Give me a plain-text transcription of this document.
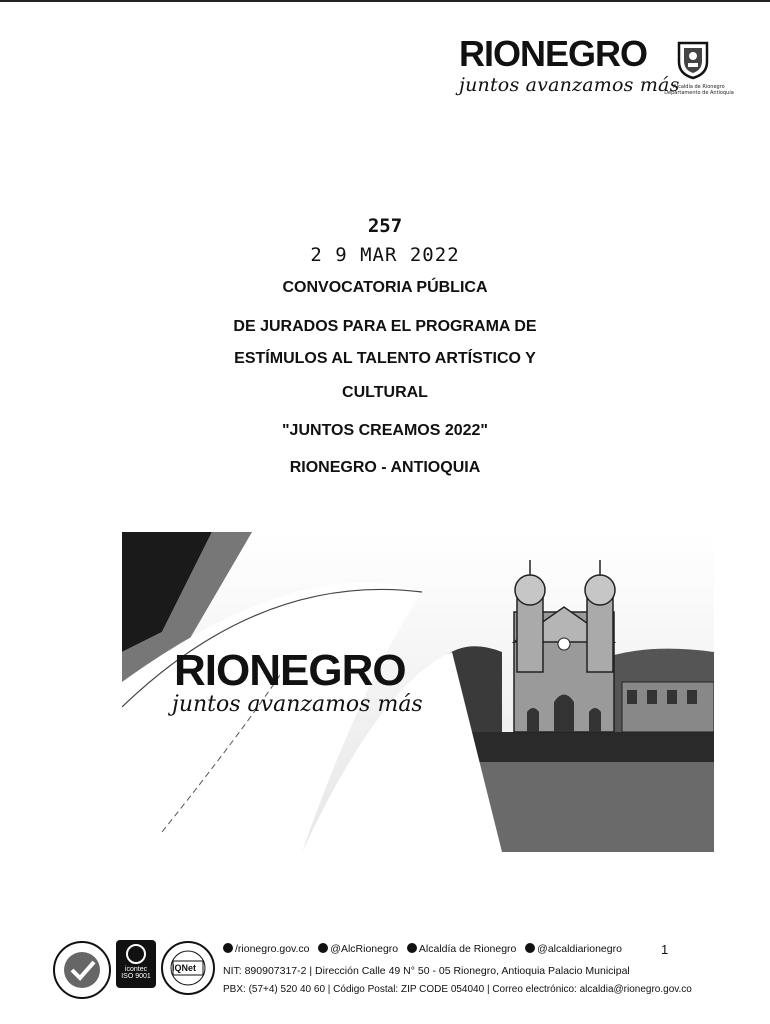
RIONEGRO
juntos avanzamos más
Alcaldía de Rionegro Departamento de Antioquia
257
2 9 MAR 2022
CONVOCATORIA PÚBLICA
DE JURADOS PARA EL PROGRAMA DE
ESTÍMULOS AL TALENTO ARTÍSTICO Y
CULTURAL
"JUNTOS CREAMOS 2022"
RIONEGRO - ANTIOQUIA
RIONEGRO
juntos avanzamos más
icontec
ISO 9001
IQNet
/rionegro.gov.co @AlcRionegro Alcaldía de Rionegro @alcaldiarionegro	1
NIT: 890907317-2 | Dirección Calle 49 N° 50 - 05 Rionegro, Antioquia Palacio Municipal
PBX: (57+4) 520 40 60 | Código Postal: ZIP CODE 054040 | Correo electrónico: alcaldia@rionegro.gov.co
